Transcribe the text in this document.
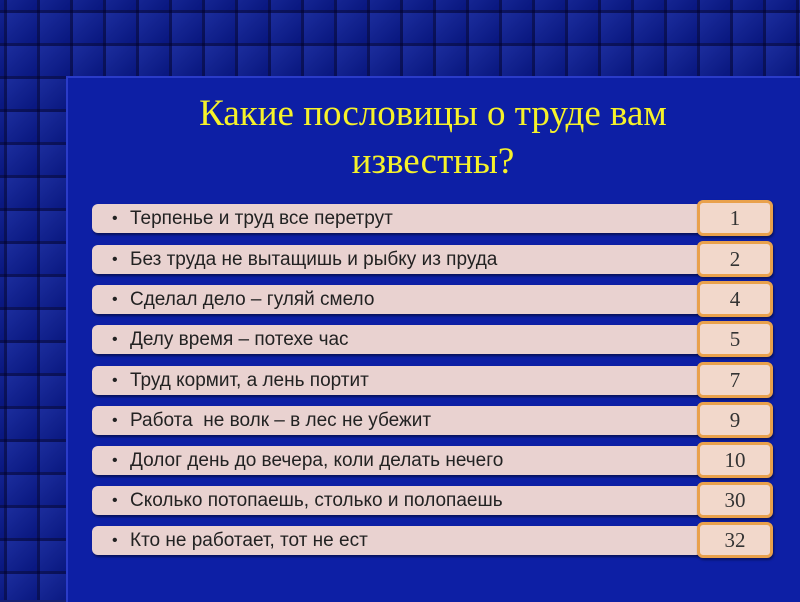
Какие пословицы о труде вам
известны?
• Терпенье и труд все перетрут	1
• Без труда не вытащишь и рыбку из пруда	2
• Сделал дело – гуляй смело	4
• Делу время – потехе час	5
• Труд кормит, а лень портит	7
• Работа  не волк – в лес не убежит	9
• Долог день до вечера, коли делать нечего	10
• Сколько потопаешь, столько и полопаешь	30
• Кто не работает, тот не ест	32
